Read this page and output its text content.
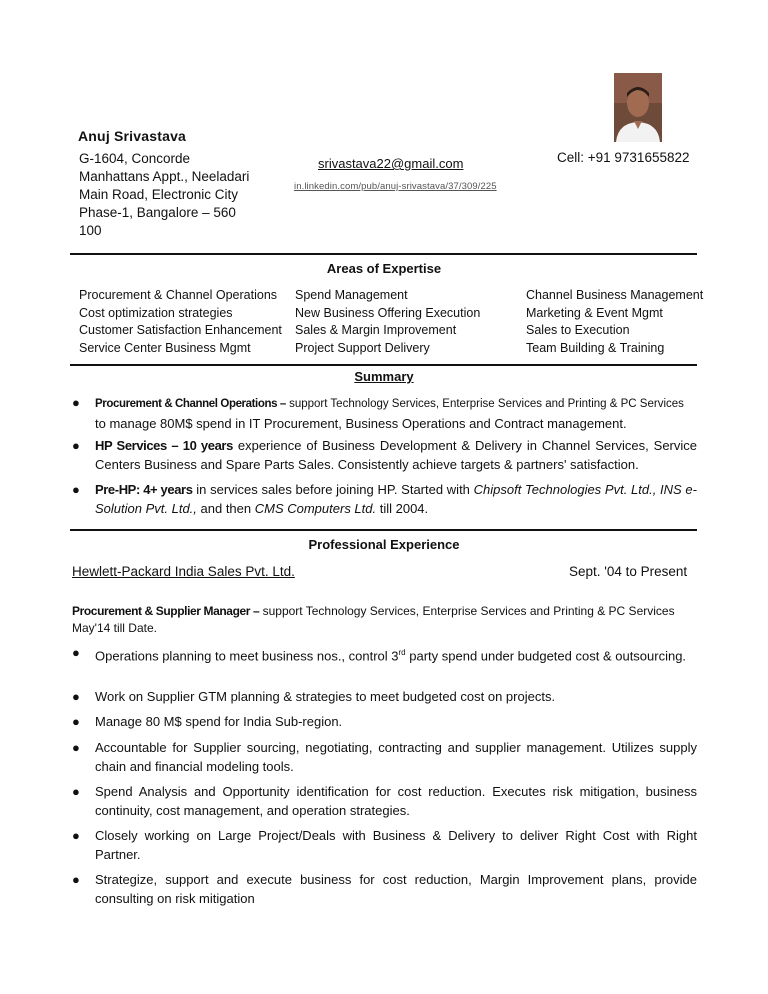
Anuj Srivastava
G-1604, Concorde
Manhattans Appt., Neeladari
Main Road, Electronic City
Phase-1, Bangalore – 560
100
srivastava22@gmail.com
in.linkedin.com/pub/anuj-srivastava/37/309/225
Cell: +91 9731655822
Areas of Expertise
Procurement & Channel Operations
Cost optimization strategies
Customer Satisfaction Enhancement
Service Center Business Mgmt
Spend Management
New Business Offering Execution
Sales & Margin Improvement
Project Support Delivery
Channel Business Management
Marketing & Event Mgmt
Sales to Execution
Team Building & Training
Summary
● Procurement & Channel Operations – support Technology Services, Enterprise Services and Printing & PC Services
to manage 80M$ spend in IT Procurement, Business Operations and Contract management.
● HP Services – 10 years experience of Business Development & Delivery in Channel Services, Service Centers Business and Spare Parts Sales. Consistently achieve targets & partners' satisfaction.
● Pre-HP: 4+ years in services sales before joining HP. Started with Chipsoft Technologies Pvt. Ltd., INS e-Solution Pvt. Ltd., and then CMS Computers Ltd. till 2004.
Professional Experience
Hewlett-Packard India Sales Pvt. Ltd.	Sept. '04 to Present
Procurement & Supplier Manager – support Technology Services, Enterprise Services and Printing & PC Services
May'14 till Date.
● Operations planning to meet business nos., control 3rd party spend under budgeted cost & outsourcing.
● Work on Supplier GTM planning & strategies to meet budgeted cost on projects.
● Manage 80 M$ spend for India Sub-region.
● Accountable for Supplier sourcing, negotiating, contracting and supplier management. Utilizes supply chain and financial modeling tools.
● Spend Analysis and Opportunity identification for cost reduction. Executes risk mitigation, business continuity, cost management, and operation strategies.
● Closely working on Large Project/Deals with Business & Delivery to deliver Right Cost with Right Partner.
● Strategize, support and execute business for cost reduction, Margin Improvement plans, provide consulting on risk mitigation
